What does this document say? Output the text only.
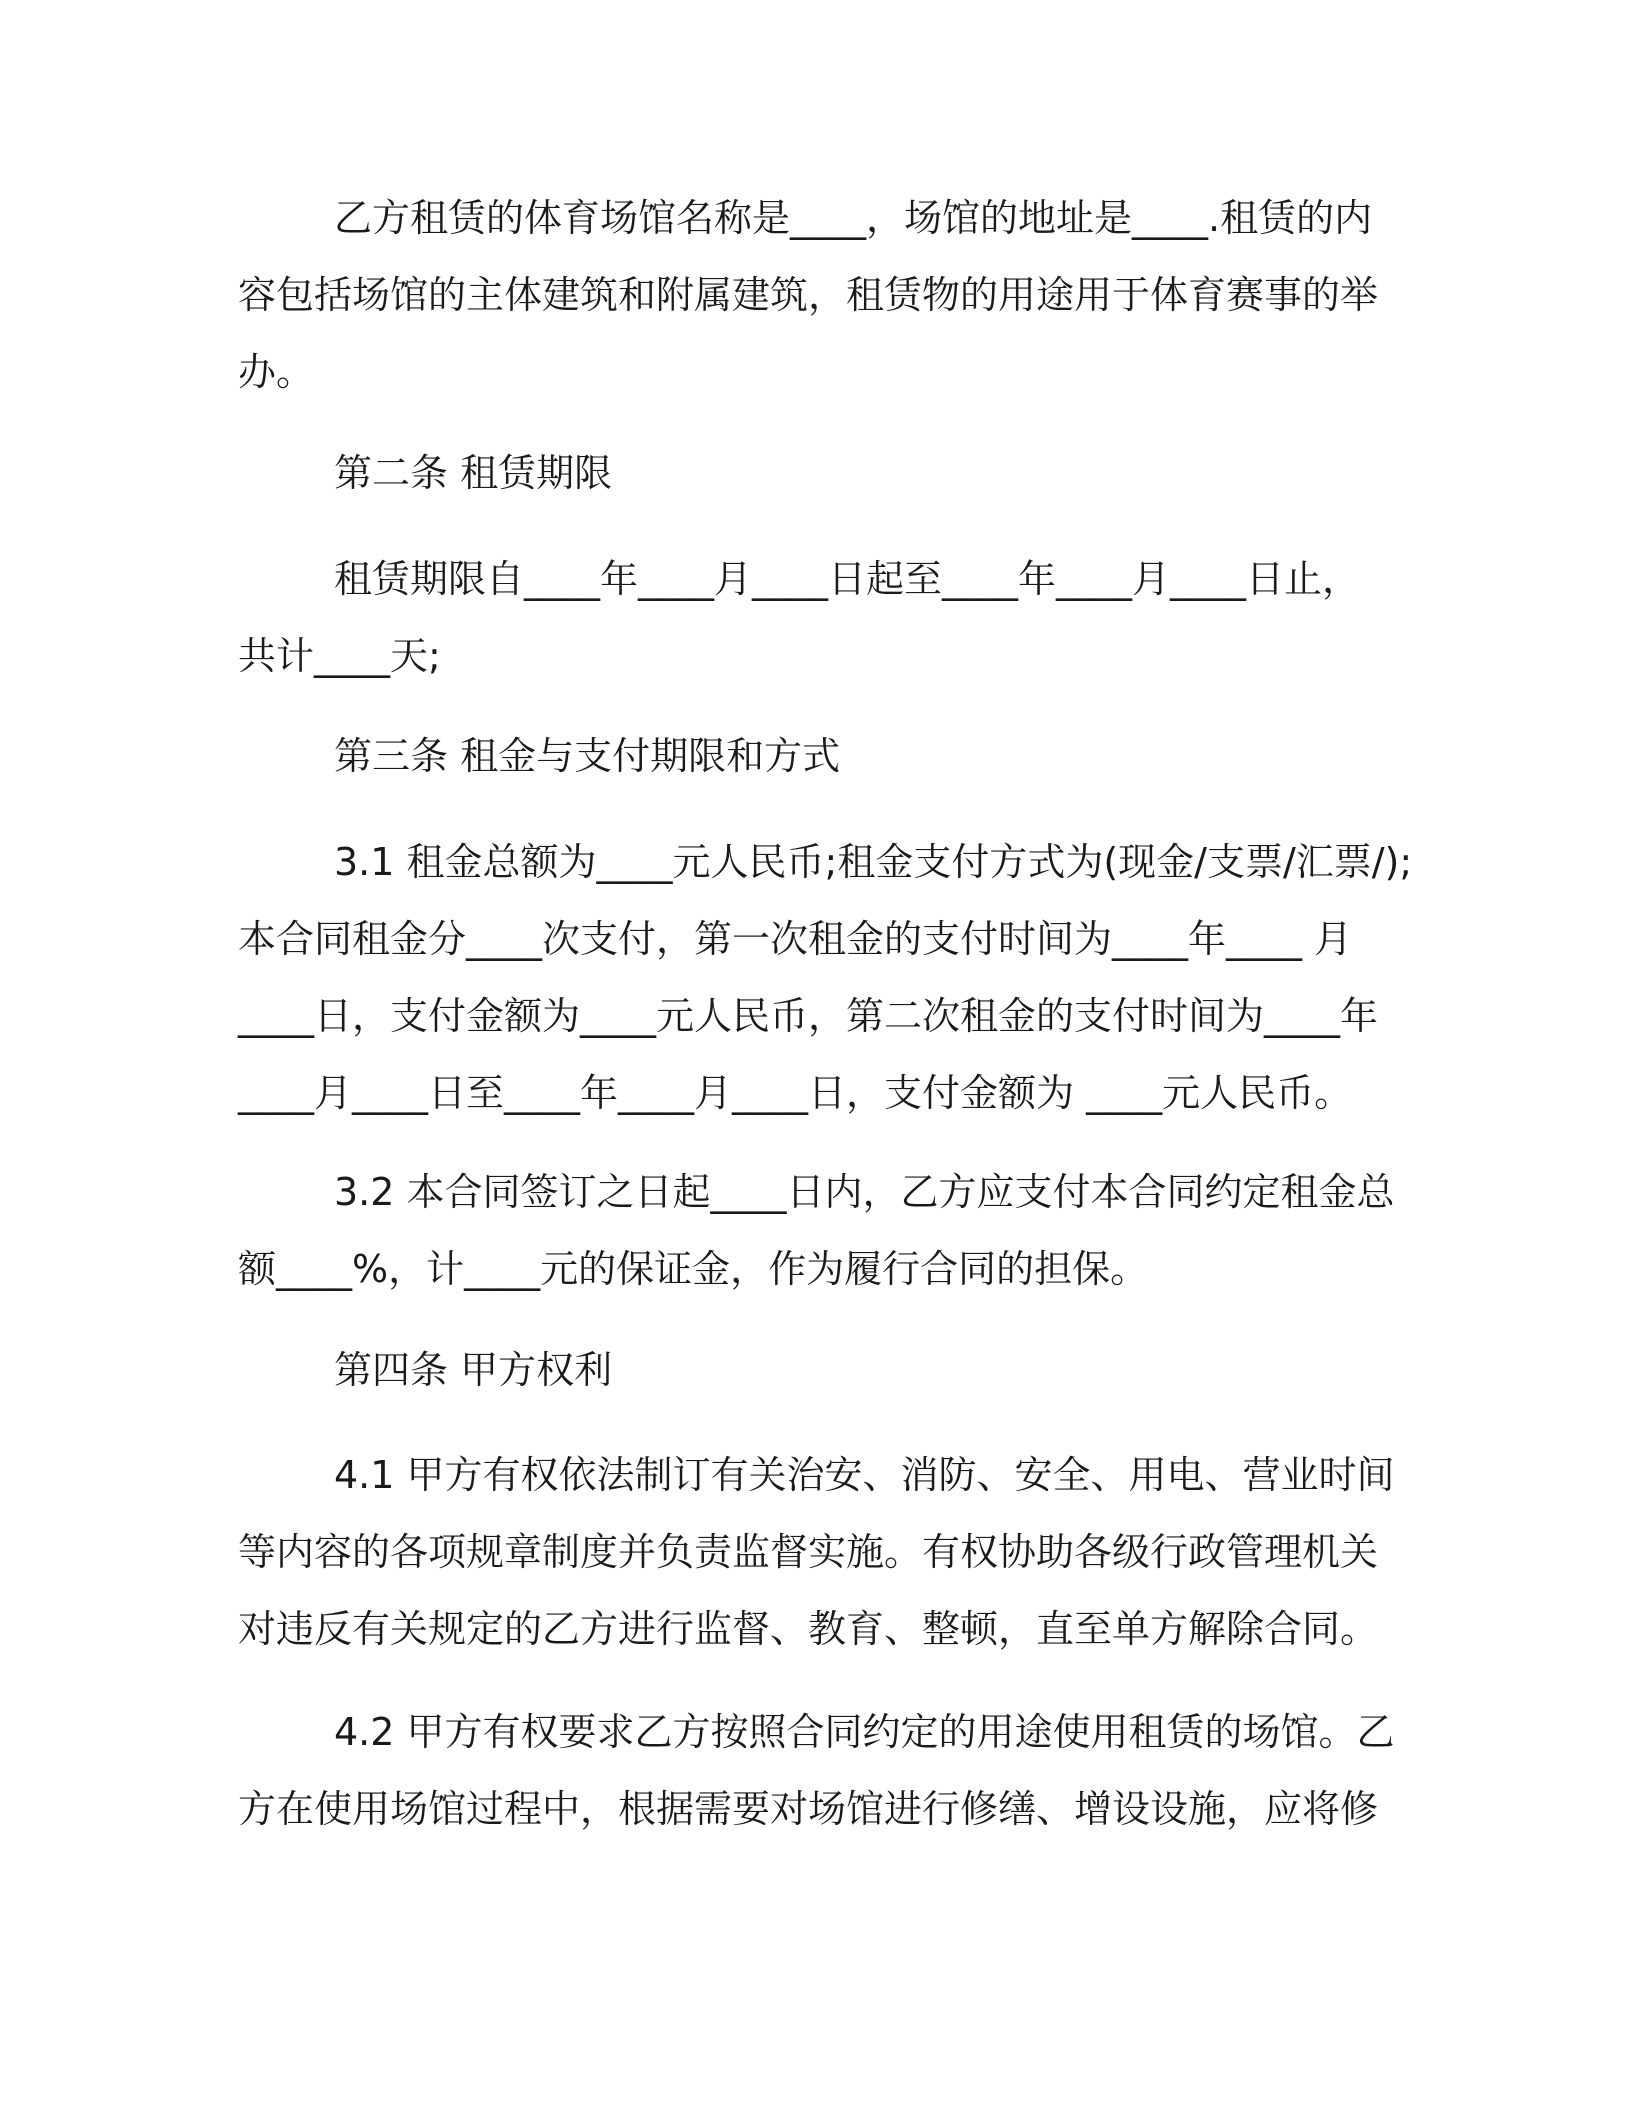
乙方租赁的体育场馆名称是____，场馆的地址是____.租赁的内
容包括场馆的主体建筑和附属建筑，租赁物的用途用于体育赛事的举
办。
第二条 租赁期限
租赁期限自____年____月____日起至____年____月____日止，
共计____天;
第三条 租金与支付期限和方式
3.1 租金总额为____元人民币;租金支付方式为(现金/支票/汇票/);
本合同租金分____次支付，第一次租金的支付时间为____年____ 月
____日，支付金额为____元人民币，第二次租金的支付时间为____年
____月____日至____年____月____日，支付金额为 ____元人民币。
3.2 本合同签订之日起____日内，乙方应支付本合同约定租金总
额____%，计____元的保证金，作为履行合同的担保。
第四条 甲方权利
4.1 甲方有权依法制订有关治安、消防、安全、用电、营业时间
等内容的各项规章制度并负责监督实施。有权协助各级行政管理机关
对违反有关规定的乙方进行监督、教育、整顿，直至单方解除合同。
4.2 甲方有权要求乙方按照合同约定的用途使用租赁的场馆。乙
方在使用场馆过程中，根据需要对场馆进行修缮、增设设施，应将修
